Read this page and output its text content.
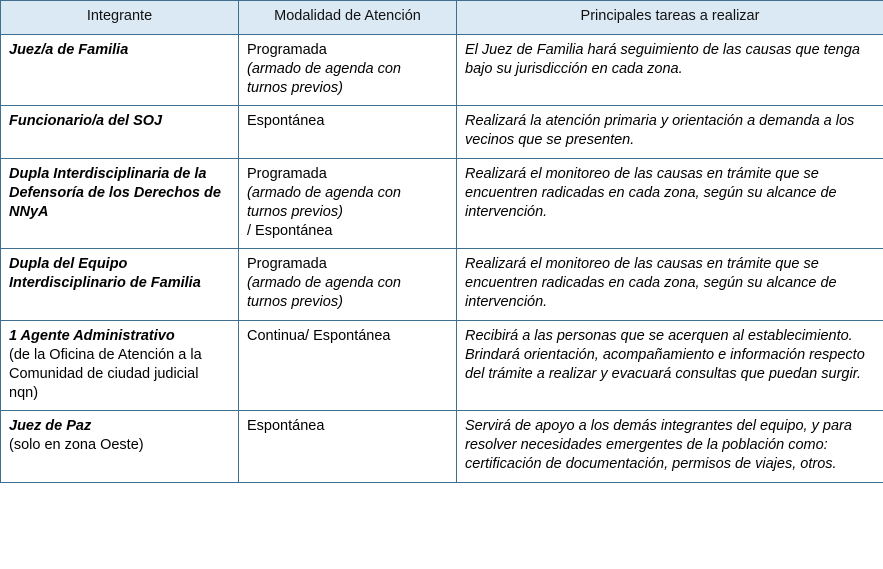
Integrante	Modalidad de Atención	Principales tareas a realizar

Juez/a de Familia	Programada
(armado de agenda con
turnos previos)	El Juez de Familia hará seguimiento de las causas que tenga bajo su jurisdicción en cada zona.

Funcionario/a del SOJ	Espontánea	Realizará la atención primaria y orientación a demanda a los vecinos que se presenten.

Dupla Interdisciplinaria de la Defensoría de los Derechos de NNyA	Programada
(armado de agenda con
turnos previos)
/ Espontánea	Realizará el monitoreo de las causas en trámite que se encuentren radicadas en cada zona, según su alcance de intervención.

Dupla del Equipo Interdisciplinario de Familia	Programada
(armado de agenda con
turnos previos)	Realizará el monitoreo de las causas en trámite que se encuentren radicadas en cada zona, según su alcance de intervención.

1 Agente Administrativo
(de la Oficina de Atención a la Comunidad de ciudad judicial nqn)	Continua/ Espontánea	Recibirá a las personas que se acerquen al establecimiento. Brindará orientación, acompañamiento e información respecto del trámite a realizar y evacuará consultas que puedan surgir.

Juez de Paz
(solo en zona Oeste)	Espontánea	Servirá de apoyo a los demás integrantes del equipo, y para resolver necesidades emergentes de la población como: certificación de documentación, permisos de viajes, otros.
